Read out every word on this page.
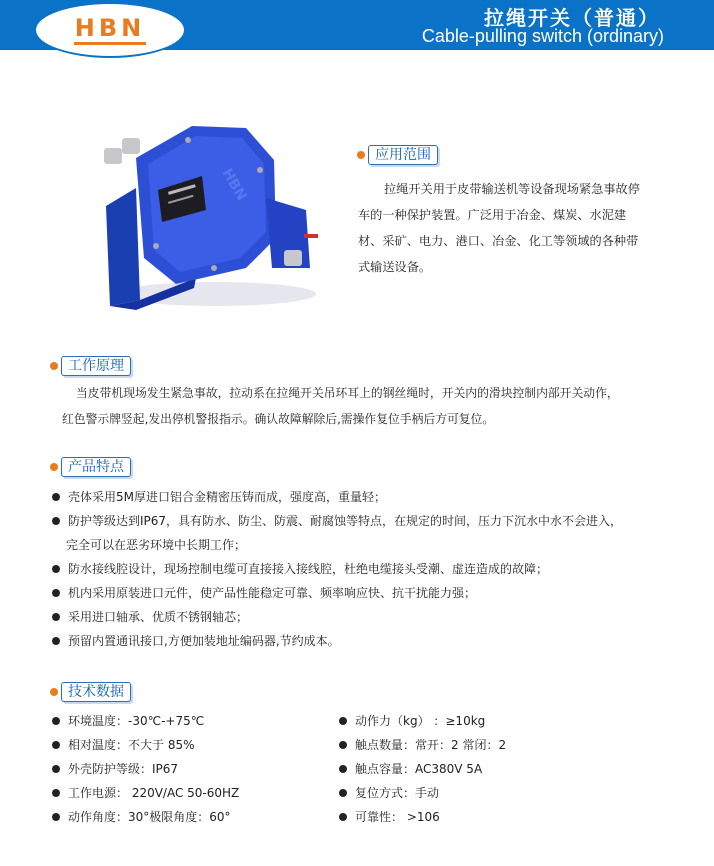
拉绳开关（普通）
Cable-pulling switch (ordinary)
HBN
HBN
应用范围
拉绳开关用于皮带输送机等设备现场紧急事故停
车的一种保护装置。广泛用于冶金、煤炭、水泥建
材、采矿、电力、港口、冶金、化工等领域的各种带
式输送设备。
工作原理
当皮带机现场发生紧急事故，拉动系在拉绳开关吊环耳上的钢丝绳时，开关内的滑块控制内部开关动作，
红色警示牌竖起,发出停机警报指示。确认故障解除后,需操作复位手柄后方可复位。
产品特点
壳体采用5M厚进口铝合金精密压铸而成，强度高，重量轻；
防护等级达到IP67，具有防水、防尘、防震、耐腐蚀等特点，在规定的时间，压力下沉水中水不会进入，
完全可以在恶劣环境中长期工作；
防水接线腔设计，现场控制电缆可直接接入接线腔，杜绝电缆接头受潮、虚连造成的故障；
机内采用原装进口元件，使产品性能稳定可靠、频率响应快、抗干扰能力强；
采用进口轴承、优质不锈钢轴芯；
预留内置通讯接口,方便加装地址编码器,节约成本。
技术数据
环境温度：-30℃-+75℃
相对温度：不大于 85%
外壳防护等级：IP67
工作电源： 220V/AC 50-60HZ
动作角度：30°极限角度：60°
动作力（kg） ：≥10kg
触点数量：常开：2 常闭：2
触点容量：AC380V 5A
复位方式：手动
可靠性： >106
